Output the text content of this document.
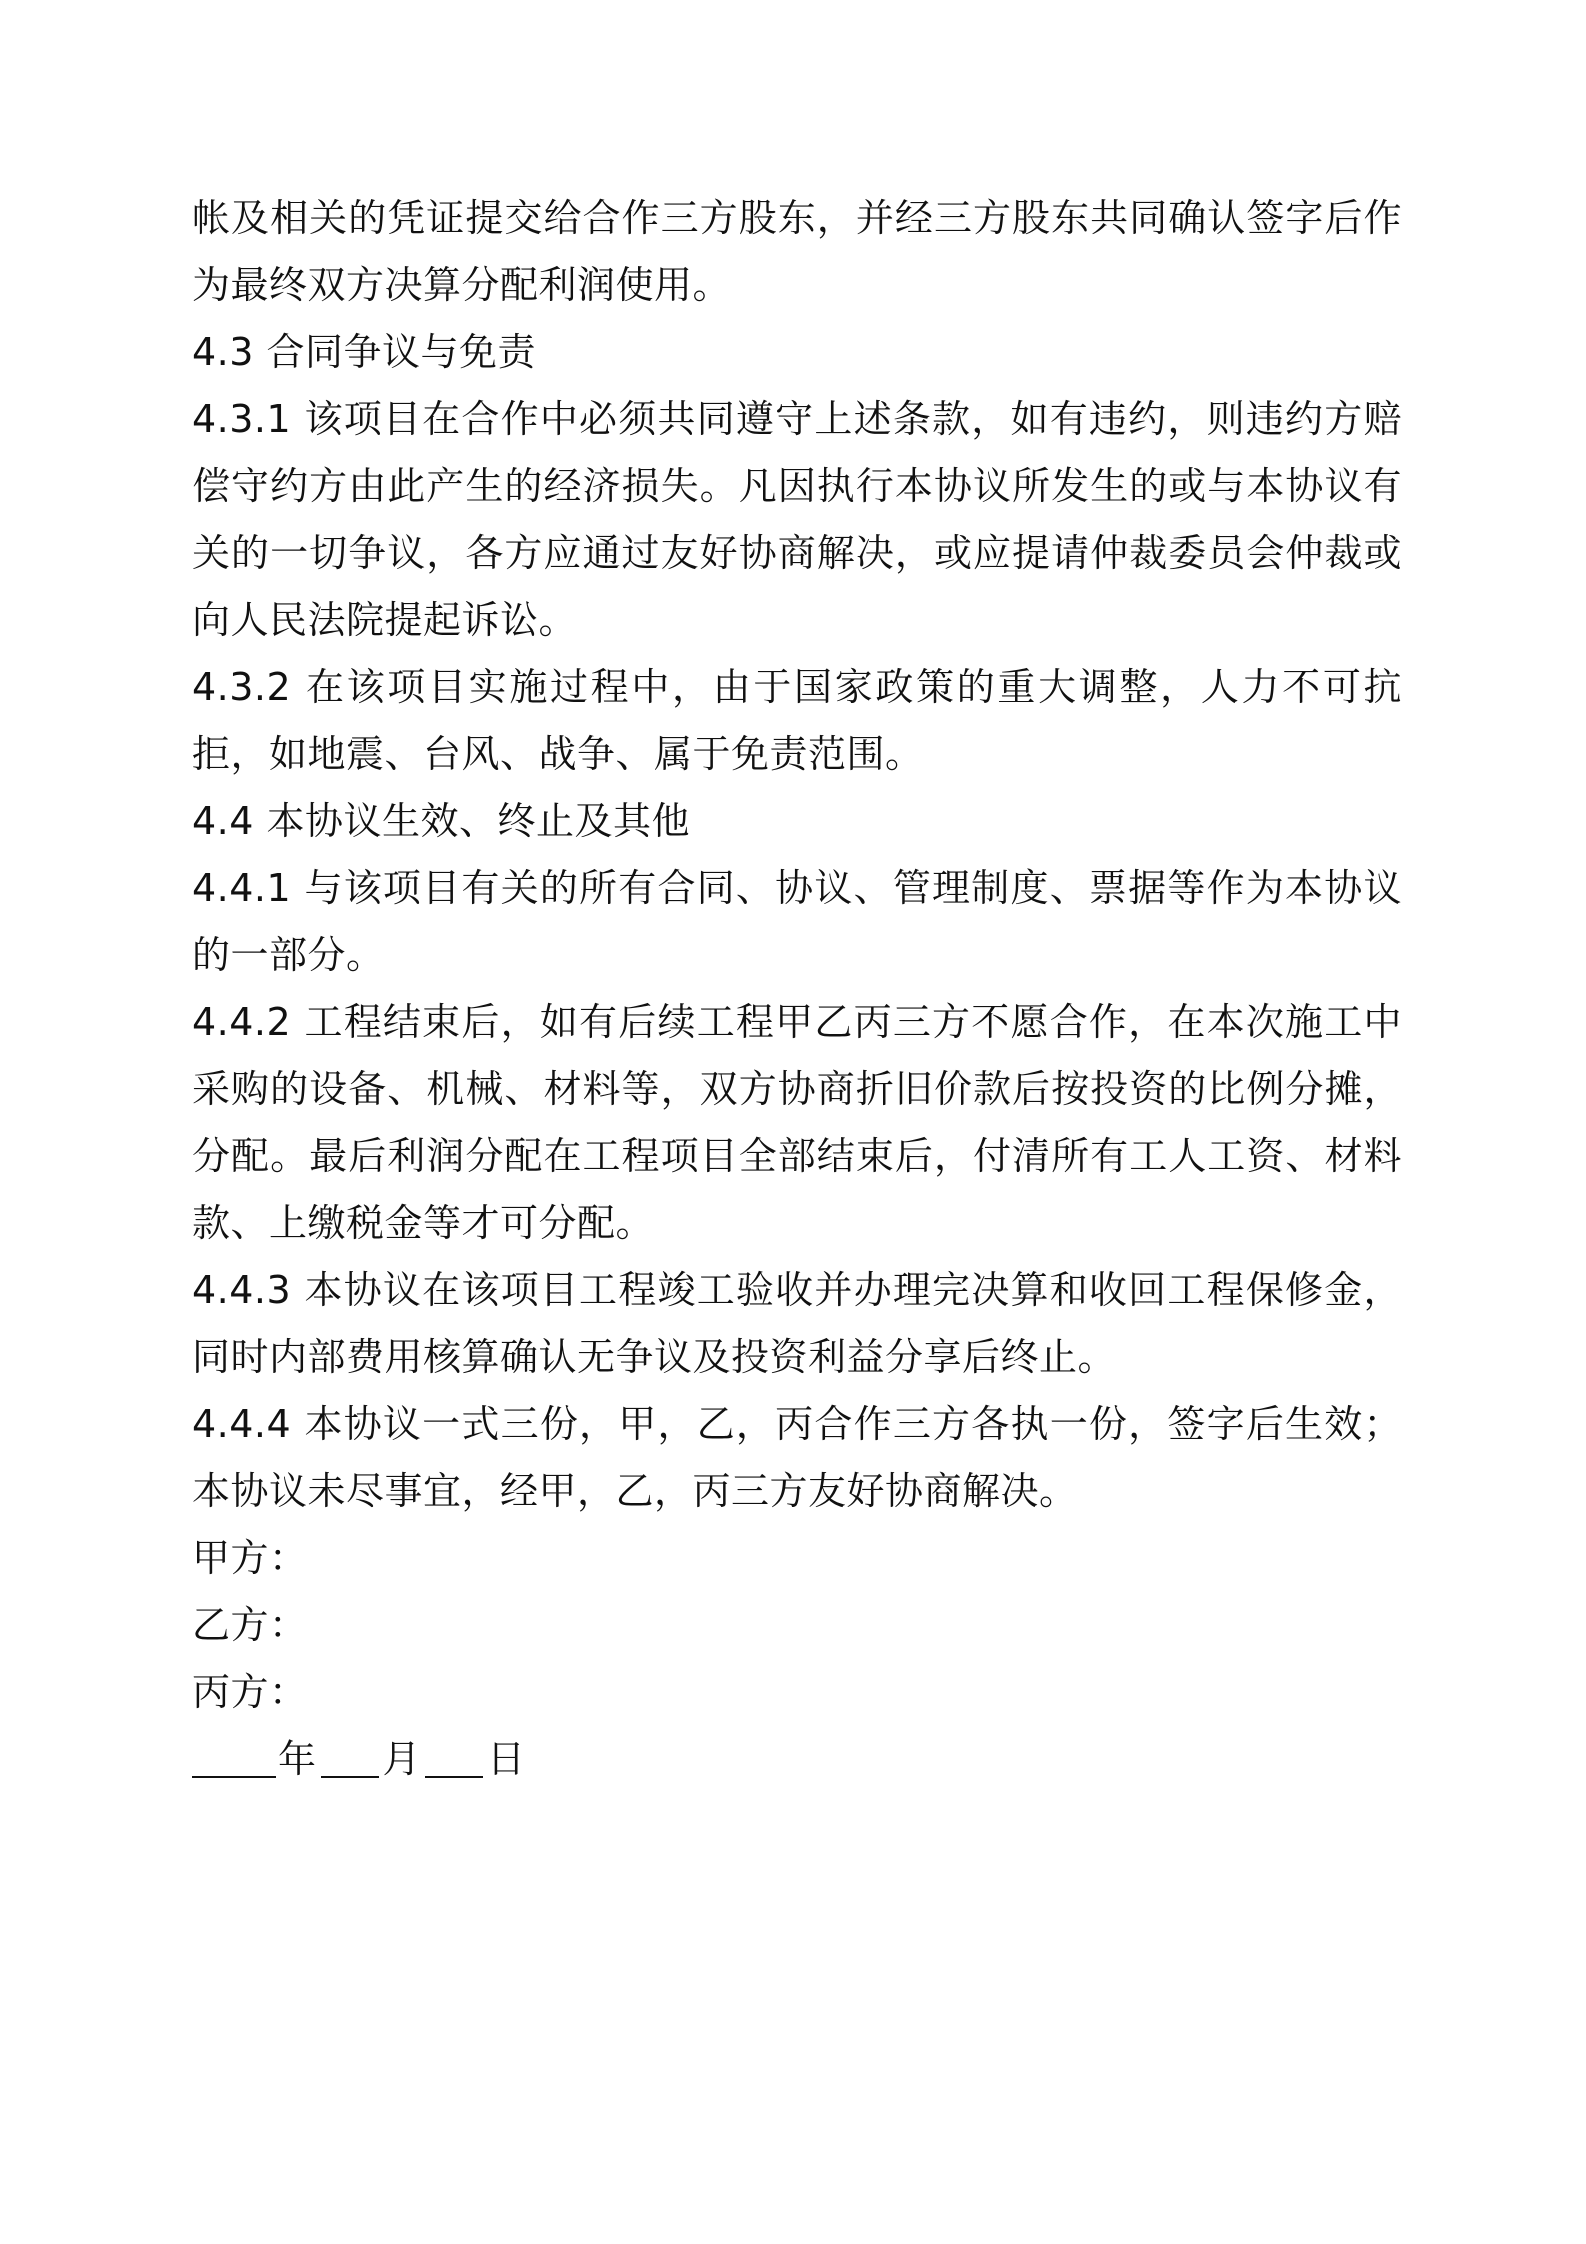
帐及相关的凭证提交给合作三方股东，并经三方股东共同确认签字后作为最终双方决算分配利润使用。

4.3 合同争议与免责

4.3.1 该项目在合作中必须共同遵守上述条款，如有违约，则违约方赔偿守约方由此产生的经济损失。凡因执行本协议所发生的或与本协议有关的一切争议，各方应通过友好协商解决，或应提请仲裁委员会仲裁或向人民法院提起诉讼。

4.3.2 在该项目实施过程中，由于国家政策的重大调整，人力不可抗拒，如地震、台风、战争、属于免责范围。

4.4 本协议生效、终止及其他

4.4.1 与该项目有关的所有合同、协议、管理制度、票据等作为本协议的一部分。

4.4.2 工程结束后，如有后续工程甲乙丙三方不愿合作，在本次施工中采购的设备、机械、材料等，双方协商折旧价款后按投资的比例分摊，分配。最后利润分配在工程项目全部结束后，付清所有工人工资、材料款、上缴税金等才可分配。

4.4.3 本协议在该项目工程竣工验收并办理完决算和收回工程保修金，同时内部费用核算确认无争议及投资利益分享后终止。

4.4.4 本协议一式三份，甲，乙，丙合作三方各执一份，签字后生效；本协议未尽事宜，经甲，乙，丙三方友好协商解决。

甲方：

乙方：

丙方：

年 月 日
